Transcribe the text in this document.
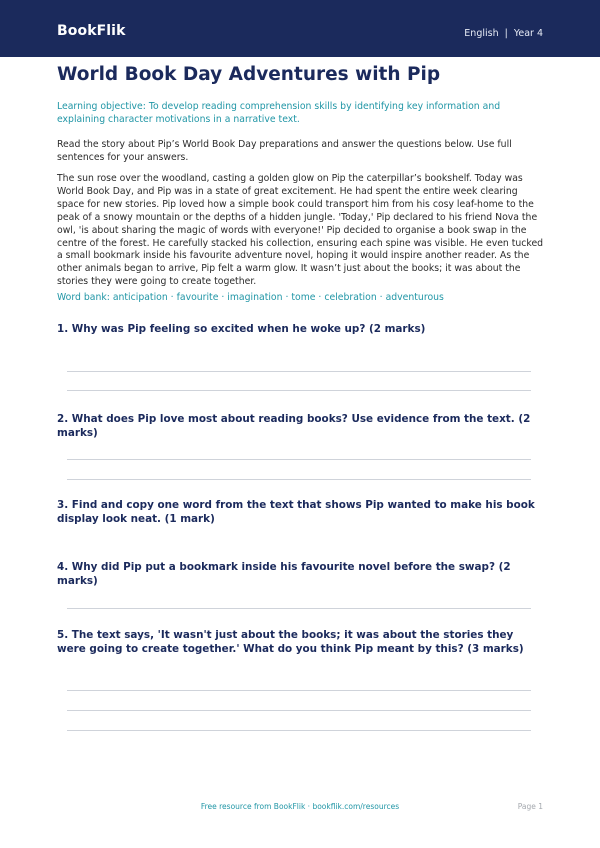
BookFlik	English | Year 4
World Book Day Adventures with Pip
Learning objective: To develop reading comprehension skills by identifying key information and explaining character motivations in a narrative text.
Read the story about Pip’s World Book Day preparations and answer the questions below. Use full sentences for your answers.
The sun rose over the woodland, casting a golden glow on Pip the caterpillar’s bookshelf. Today was World Book Day, and Pip was in a state of great excitement. He had spent the entire week clearing space for new stories. Pip loved how a simple book could transport him from his cosy leaf-home to the peak of a snowy mountain or the depths of a hidden jungle. 'Today,' Pip declared to his friend Nova the owl, 'is about sharing the magic of words with everyone!' Pip decided to organise a book swap in the centre of the forest. He carefully stacked his collection, ensuring each spine was visible. He even tucked a small bookmark inside his favourite adventure novel, hoping it would inspire another reader. As the other animals began to arrive, Pip felt a warm glow. It wasn’t just about the books; it was about the stories they were going to create together.
Word bank: anticipation · favourite · imagination · tome · celebration · adventurous
1. Why was Pip feeling so excited when he woke up? (2 marks)
2. What does Pip love most about reading books? Use evidence from the text. (2 marks)
3. Find and copy one word from the text that shows Pip wanted to make his book display look neat. (1 mark)
4. Why did Pip put a bookmark inside his favourite novel before the swap? (2 marks)
5. The text says, 'It wasn't just about the books; it was about the stories they were going to create together.' What do you think Pip meant by this? (3 marks)
Free resource from BookFlik · bookflik.com/resources	Page 1
